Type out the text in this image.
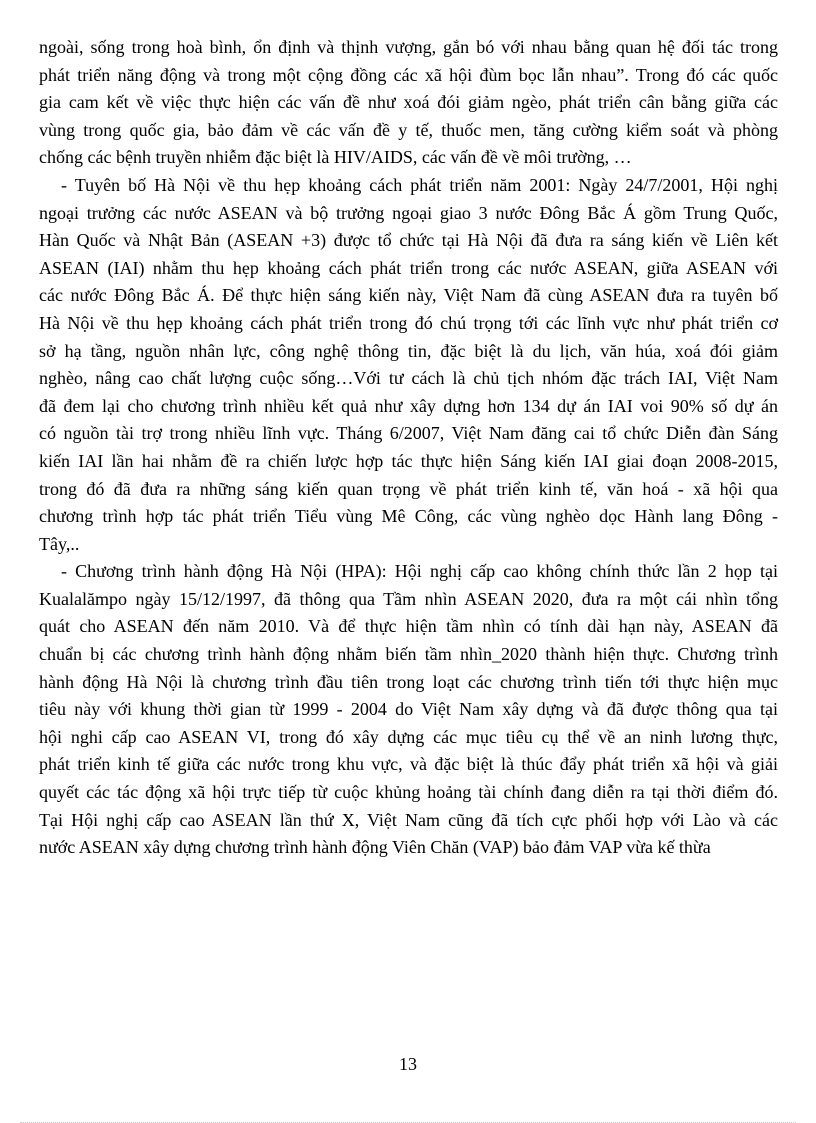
ngoài, sống trong hoà bình, ổn định và thịnh vượng, gắn bó với nhau bằng quan hệ đối tác trong
phát triển năng động và trong một cộng đồng các xã hội đùm bọc lẫn nhau”. Trong đó các quốc
gia cam kết về việc thực hiện các vấn đề như xoá đói giảm ngèo, phát triển cân bằng giữa các
vùng trong quốc gia, bảo đảm về các vấn đề y tế, thuốc men, tăng cường kiểm soát và phòng
chống các bệnh truyền nhiễm đặc biệt là HIV/AIDS, các vấn đề về môi trường, …
- Tuyên bố Hà Nội về thu hẹp khoảng cách phát triển năm 2001: Ngày 24/7/2001, Hội nghị
ngoại trưởng các nước ASEAN và bộ trưởng ngoại giao 3 nước Đông Bắc Á gồm Trung Quốc,
Hàn Quốc và Nhật Bản (ASEAN +3) được tổ chức tại Hà Nội đã đưa ra sáng kiến về Liên kết
ASEAN (IAI) nhằm thu hẹp khoảng cách phát triển trong các nước ASEAN, giữa ASEAN với
các nước Đông Bắc Á. Để thực hiện sáng kiến này, Việt Nam đã cùng ASEAN đưa ra tuyên bố
Hà Nội về thu hẹp khoảng cách phát triển trong đó chú trọng tới các lĩnh vực như phát triển cơ
sở hạ tầng, nguồn nhân lực, công nghệ thông tin, đặc biệt là du lịch, văn húa, xoá đói giảm
nghèo, nâng cao chất lượng cuộc sống…Với tư cách là chủ tịch nhóm đặc trách IAI, Việt Nam
đã đem lại cho chương trình nhiều kết quả như xây dựng hơn 134 dự án IAI voi 90% số dự án
có nguồn tài trợ trong nhiều lĩnh vực. Tháng 6/2007, Việt Nam đăng cai tổ chức Diễn đàn Sáng
kiến IAI lần hai nhằm đề ra chiến lược hợp tác thực hiện Sáng kiến IAI giai đoạn 2008-2015,
trong đó đã đưa ra những sáng kiến quan trọng về phát triển kinh tế, văn hoá - xã hội qua
chương trình hợp tác phát triển Tiểu vùng Mê Công, các vùng nghèo dọc Hành lang Đông -
Tây,..
- Chương trình hành động Hà Nội (HPA): Hội nghị cấp cao không chính thức lần 2 họp tại
Kualalămpo ngày 15/12/1997, đã thông qua Tầm nhìn ASEAN 2020, đưa ra một cái nhìn tổng
quát cho ASEAN đến năm 2010. Và để thực hiện tầm nhìn có tính dài hạn này, ASEAN đã
chuẩn bị các chương trình hành động nhằm biến tầm nhìn_2020 thành hiện thực. Chương trình
hành động Hà Nội là chương trình đầu tiên trong loạt các chương trình tiến tới thực hiện mục
tiêu này với khung thời gian từ 1999 - 2004 do Việt Nam xây dựng và đã được thông qua tại
hội nghi cấp cao ASEAN VI, trong đó xây dựng các mục tiêu cụ thể về an ninh lương thực,
phát triển kinh tế giữa các nước trong khu vực, và đặc biệt là thúc đẩy phát triển xã hội và giải
quyết các tác động xã hội trực tiếp từ cuộc khủng hoảng tài chính đang diễn ra tại thời điểm đó.
Tại Hội nghị cấp cao ASEAN lần thứ X, Việt Nam cũng đã tích cực phối hợp với Lào và các
nước ASEAN xây dựng chương trình hành động Viên Chăn (VAP) bảo đảm VAP vừa kế thừa
13
